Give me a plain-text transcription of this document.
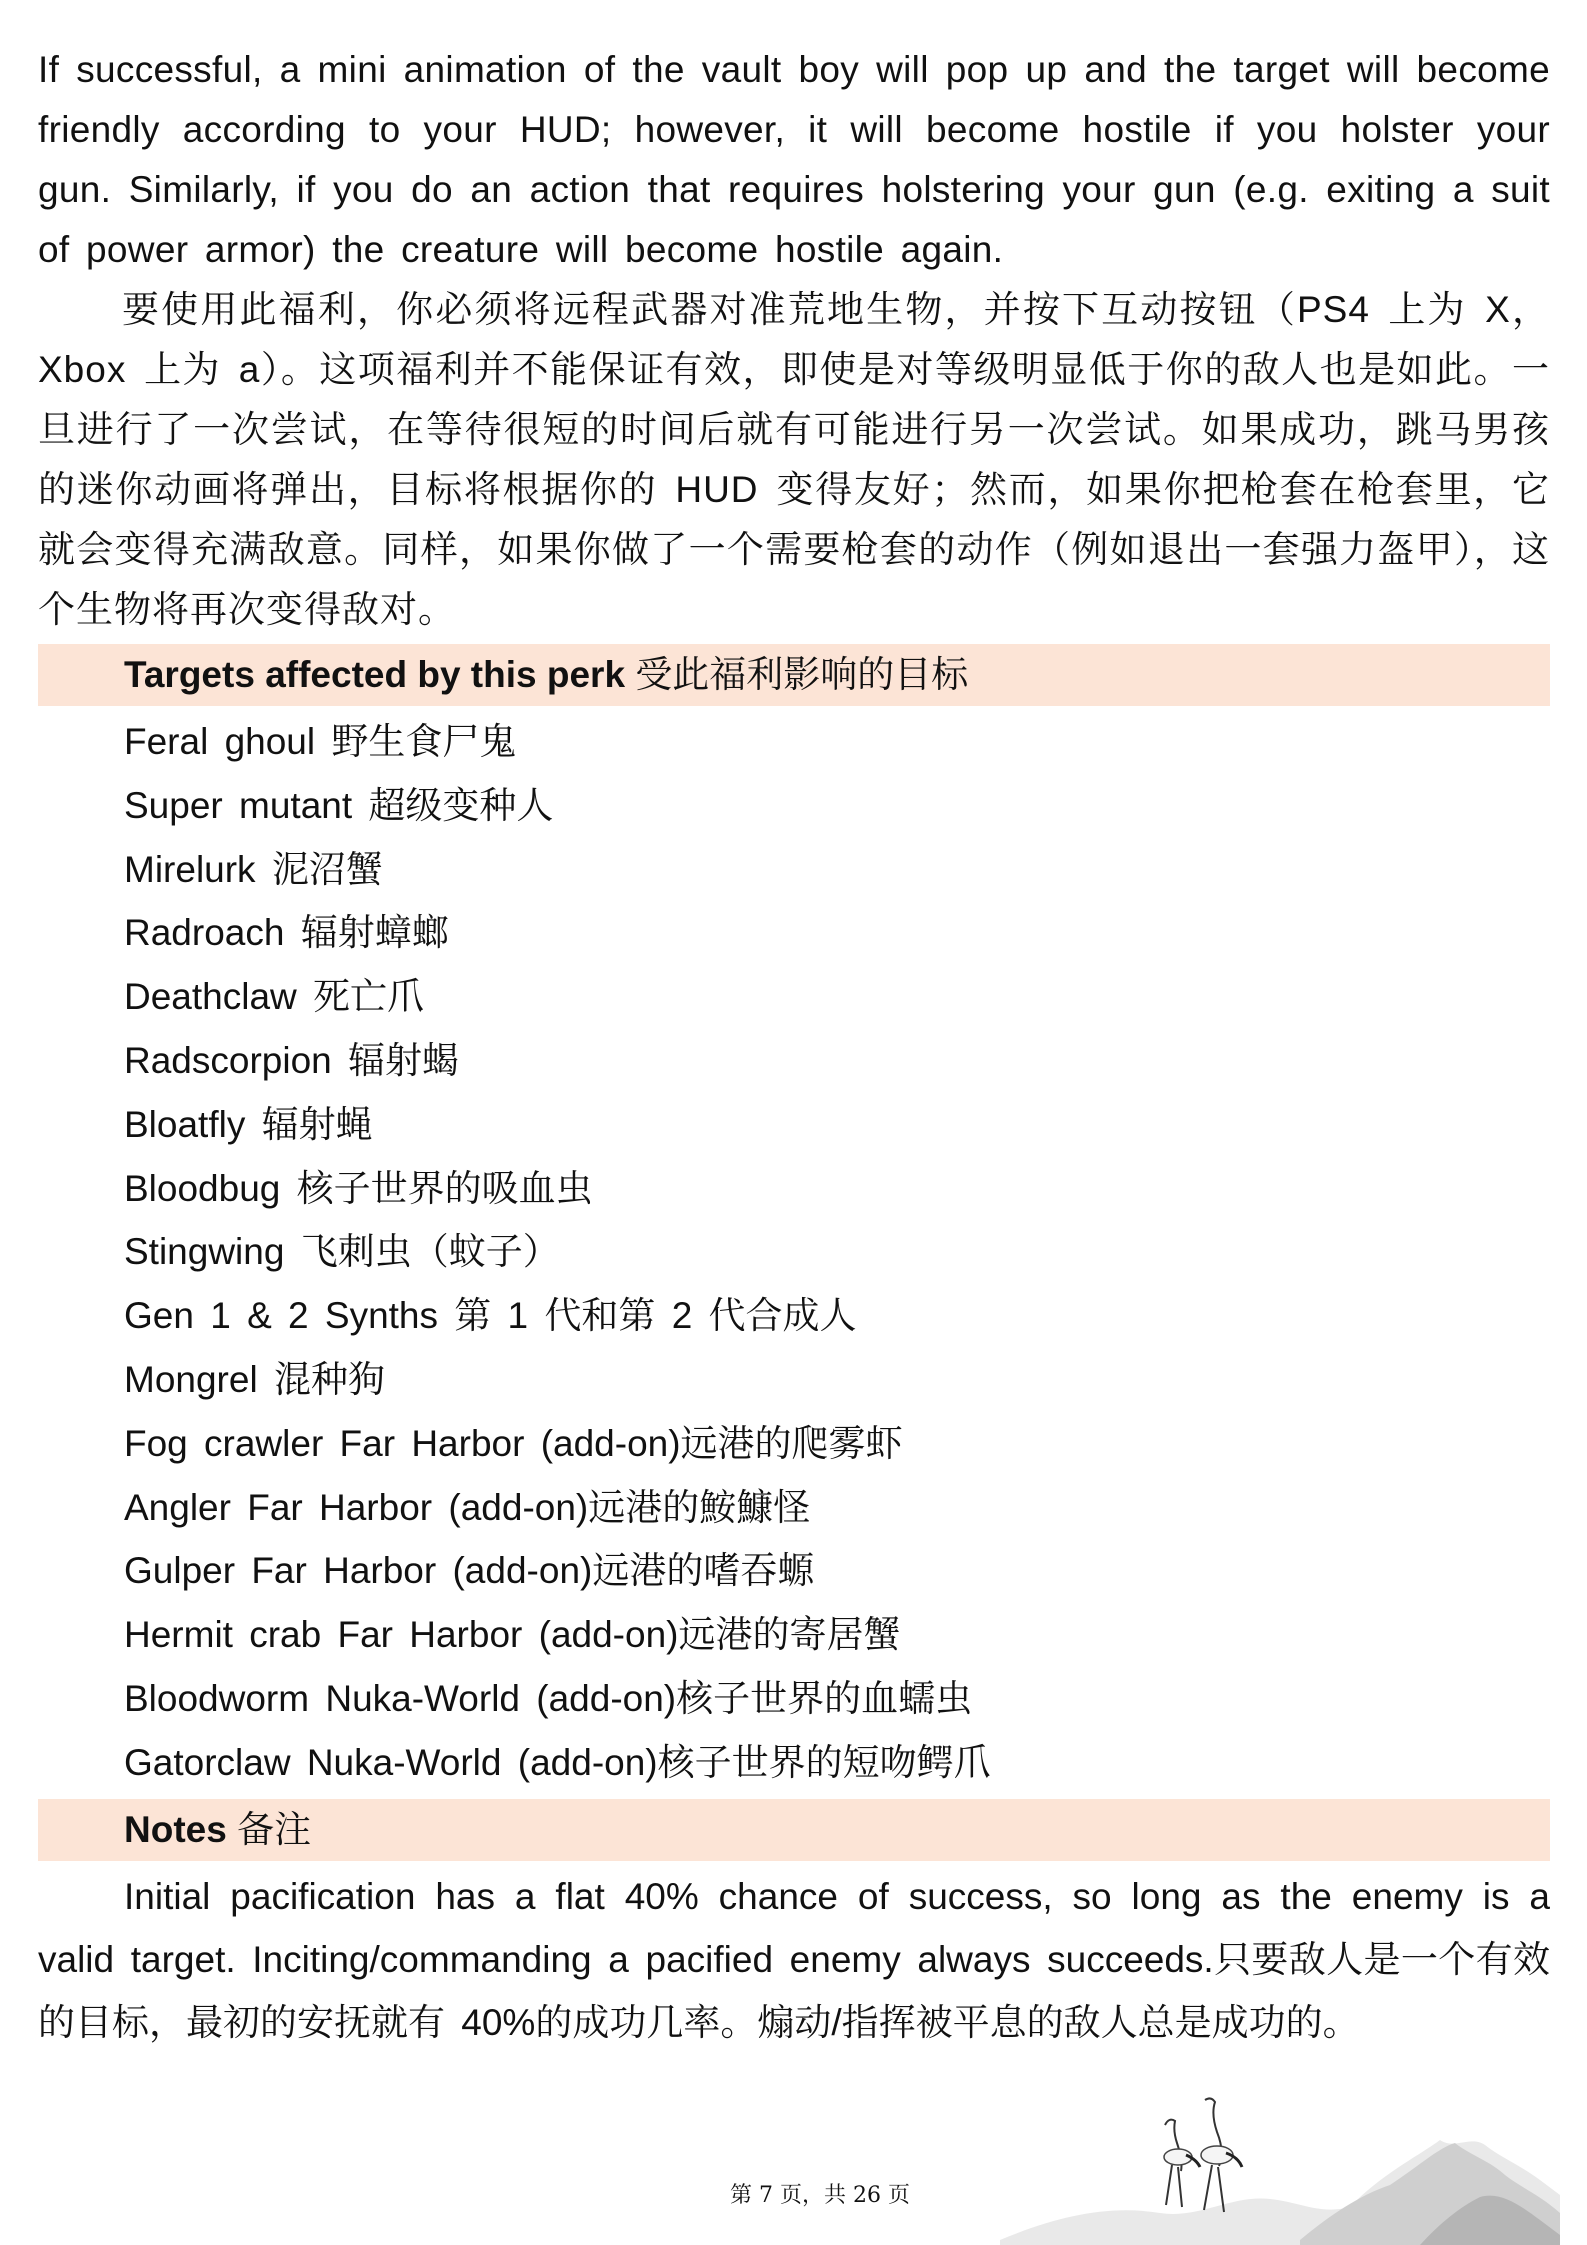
If successful, a mini animation of the vault boy will pop up and the target will become friendly according to your HUD; however, it will become hostile if you holster your gun. Similarly, if you do an action that requires holstering your gun (e.g. exiting a suit of power armor) the creature will become hostile again.

要使用此福利，你必须将远程武器对准荒地生物，并按下互动按钮（PS4 上为 X，Xbox 上为 a）。这项福利并不能保证有效，即使是对等级明显低于你的敌人也是如此。一旦进行了一次尝试，在等待很短的时间后就有可能进行另一次尝试。如果成功，跳马男孩的迷你动画将弹出，目标将根据你的 HUD 变得友好；然而，如果你把枪套在枪套里，它就会变得充满敌意。同样，如果你做了一个需要枪套的动作（例如退出一套强力盔甲），这个生物将再次变得敌对。

Targets affected by this perk 受此福利影响的目标
Feral ghoul 野生食尸鬼
Super mutant 超级变种人
Mirelurk 泥沼蟹
Radroach 辐射蟑螂
Deathclaw 死亡爪
Radscorpion 辐射蝎
Bloatfly 辐射蝇
Bloodbug 核子世界的吸血虫
Stingwing 飞刺虫（蚊子）
Gen 1 & 2 Synths 第 1 代和第 2 代合成人
Mongrel 混种狗
Fog crawler Far Harbor (add-on)远港的爬雾虾
Angler Far Harbor (add-on)远港的鮟鱇怪
Gulper Far Harbor (add-on)远港的嗜吞螈
Hermit crab Far Harbor (add-on)远港的寄居蟹
Bloodworm Nuka-World (add-on)核子世界的血蠕虫
Gatorclaw Nuka-World (add-on)核子世界的短吻鳄爪
Notes 备注

Initial pacification has a flat 40% chance of success, so long as the enemy is a valid target. Inciting/commanding a pacified enemy always succeeds.只要敌人是一个有效的目标，最初的安抚就有 40%的成功几率。煽动/指挥被平息的敌人总是成功的。

第 7 页，共 26 页
